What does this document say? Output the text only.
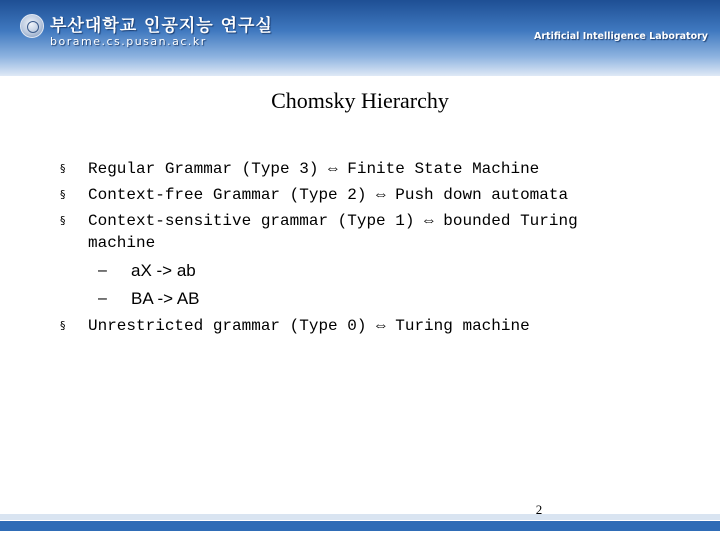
부산대학교 인공지능 연구실
borame.cs.pusan.ac.kr	Artificial Intelligence Laboratory
Chomsky Hierarchy
§ Regular Grammar (Type 3) ⇔ Finite State Machine
§ Context-free Grammar (Type 2) ⇔ Push down automata
§ Context-sensitive grammar (Type 1) ⇔ bounded Turing
machine
– aX -> ab
– BA -> AB
§ Unrestricted grammar (Type 0) ⇔ Turing machine
2
